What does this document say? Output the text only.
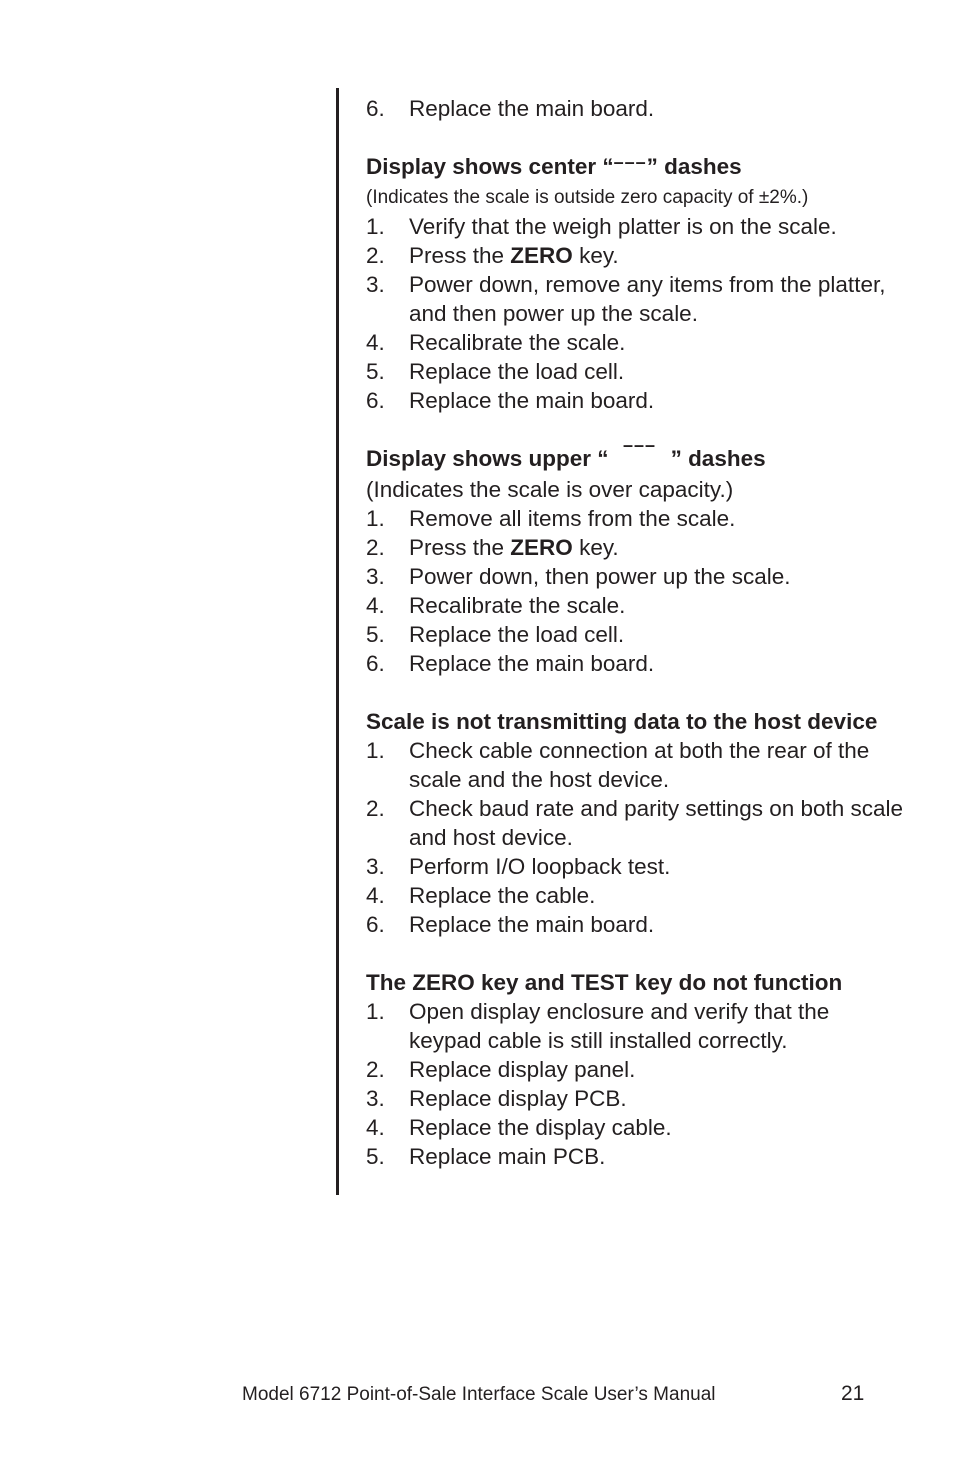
6.	Replace the main board.
Display shows center “–––” dashes
(Indicates the scale is outside zero capacity of ±2%.)
1.	Verify that the weigh platter is on the scale.
2.	Press the ZERO key.
3.	Power down, remove any items from the platter, and then power up the scale.
4.	Recalibrate the scale.
5.	Replace the load cell.
6.	Replace the main board.
Display shows upper “–––” dashes
(Indicates the scale is over capacity.)
1.	Remove all items from the scale.
2.	Press the ZERO key.
3.	Power down, then power up the scale.
4.	Recalibrate the scale.
5.	Replace the load cell.
6.	Replace the main board.
Scale is not transmitting data to the host device
1.	Check cable connection at both the rear of the scale and the host device.
2.	Check baud rate and parity settings on both scale and host device.
3.	Perform I/O loopback test.
4.	Replace the cable.
6.	Replace the main board.
The ZERO key and TEST key do not function
1.	Open display enclosure and verify that the keypad cable is still installed correctly.
2.	Replace display panel.
3.	Replace display PCB.
4.	Replace the display cable.
5.	Replace main PCB.
Model 6712 Point-of-Sale Interface Scale User’s Manual	21
